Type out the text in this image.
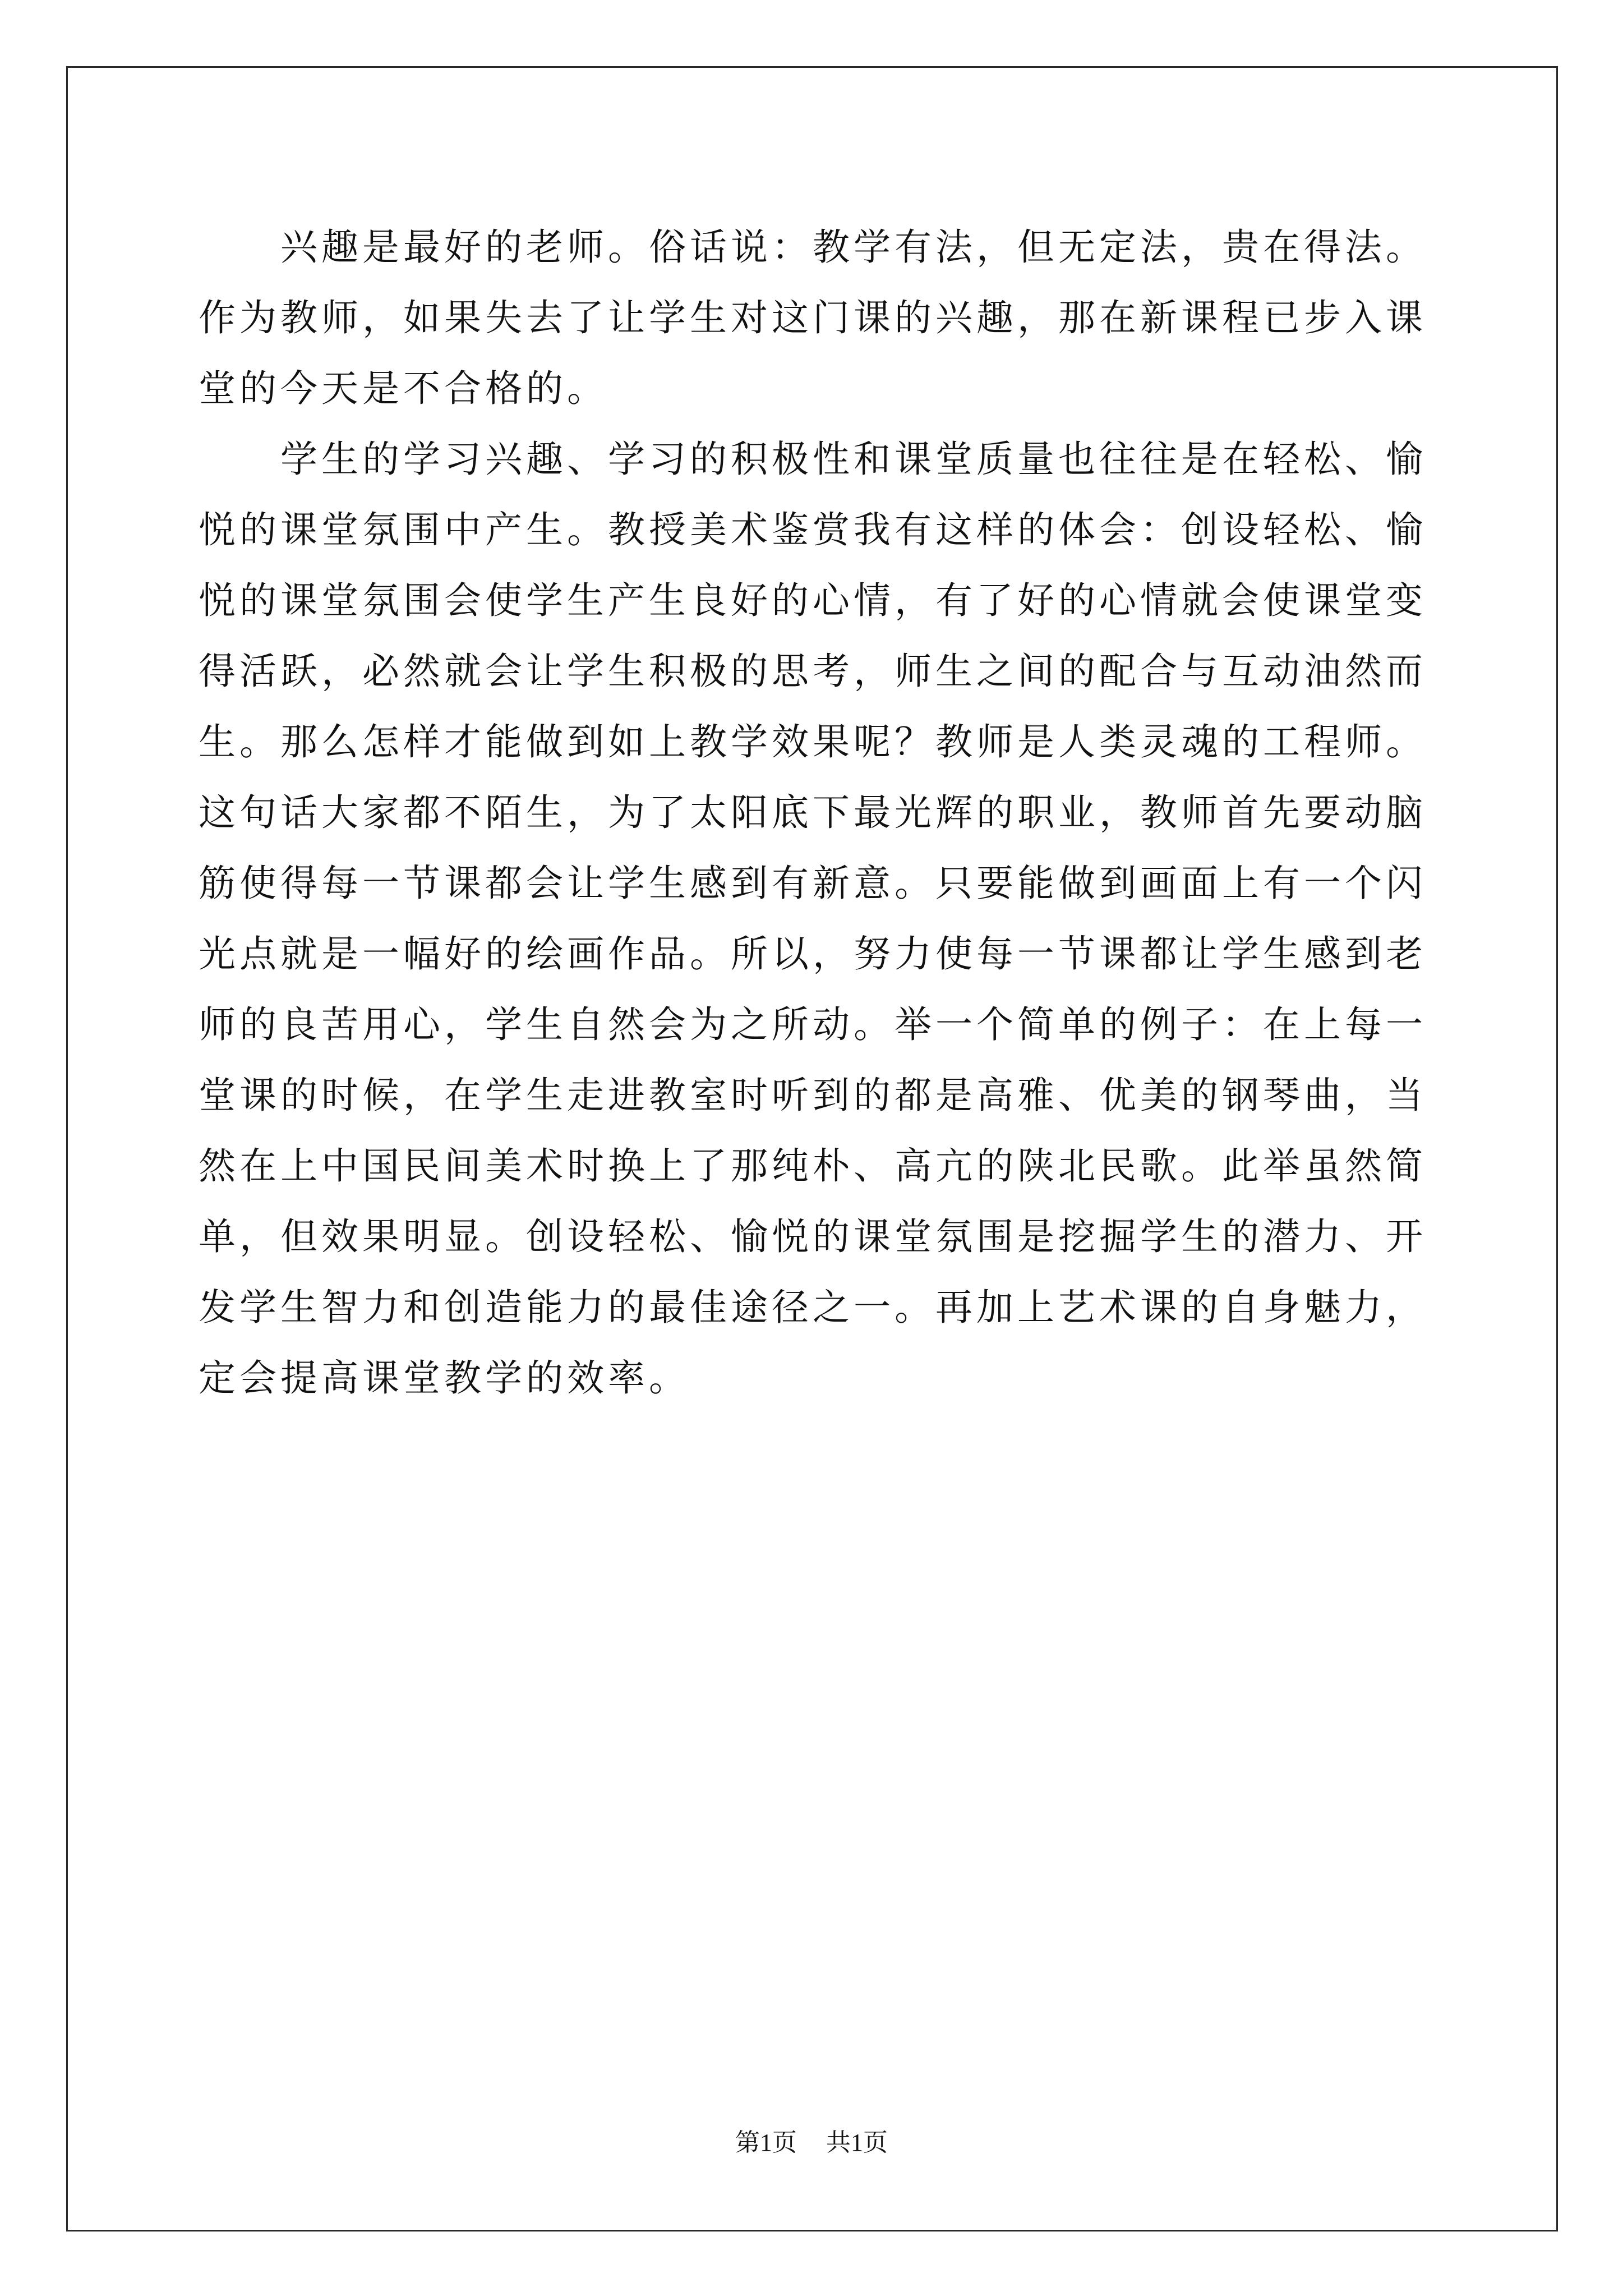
兴趣是最好的老师。俗话说：教学有法，但无定法，贵在得法。作为教师，如果失去了让学生对这门课的兴趣，那在新课程已步入课堂的今天是不合格的。

学生的学习兴趣、学习的积极性和课堂质量也往往是在轻松、愉悦的课堂氛围中产生。教授美术鉴赏我有这样的体会：创设轻松、愉悦的课堂氛围会使学生产生良好的心情，有了好的心情就会使课堂变得活跃，必然就会让学生积极的思考，师生之间的配合与互动油然而生。那么怎样才能做到如上教学效果呢？教师是人类灵魂的工程师。这句话大家都不陌生，为了太阳底下最光辉的职业，教师首先要动脑筋使得每一节课都会让学生感到有新意。只要能做到画面上有一个闪光点就是一幅好的绘画作品。所以，努力使每一节课都让学生感到老师的良苦用心，学生自然会为之所动。举一个简单的例子：在上每一堂课的时候，在学生走进教室时听到的都是高雅、优美的钢琴曲，当然在上中国民间美术时换上了那纯朴、高亢的陕北民歌。此举虽然简单，但效果明显。创设轻松、愉悦的课堂氛围是挖掘学生的潜力、开发学生智力和创造能力的最佳途径之一。再加上艺术课的自身魅力，定会提高课堂教学的效率。

第1页 共1页
